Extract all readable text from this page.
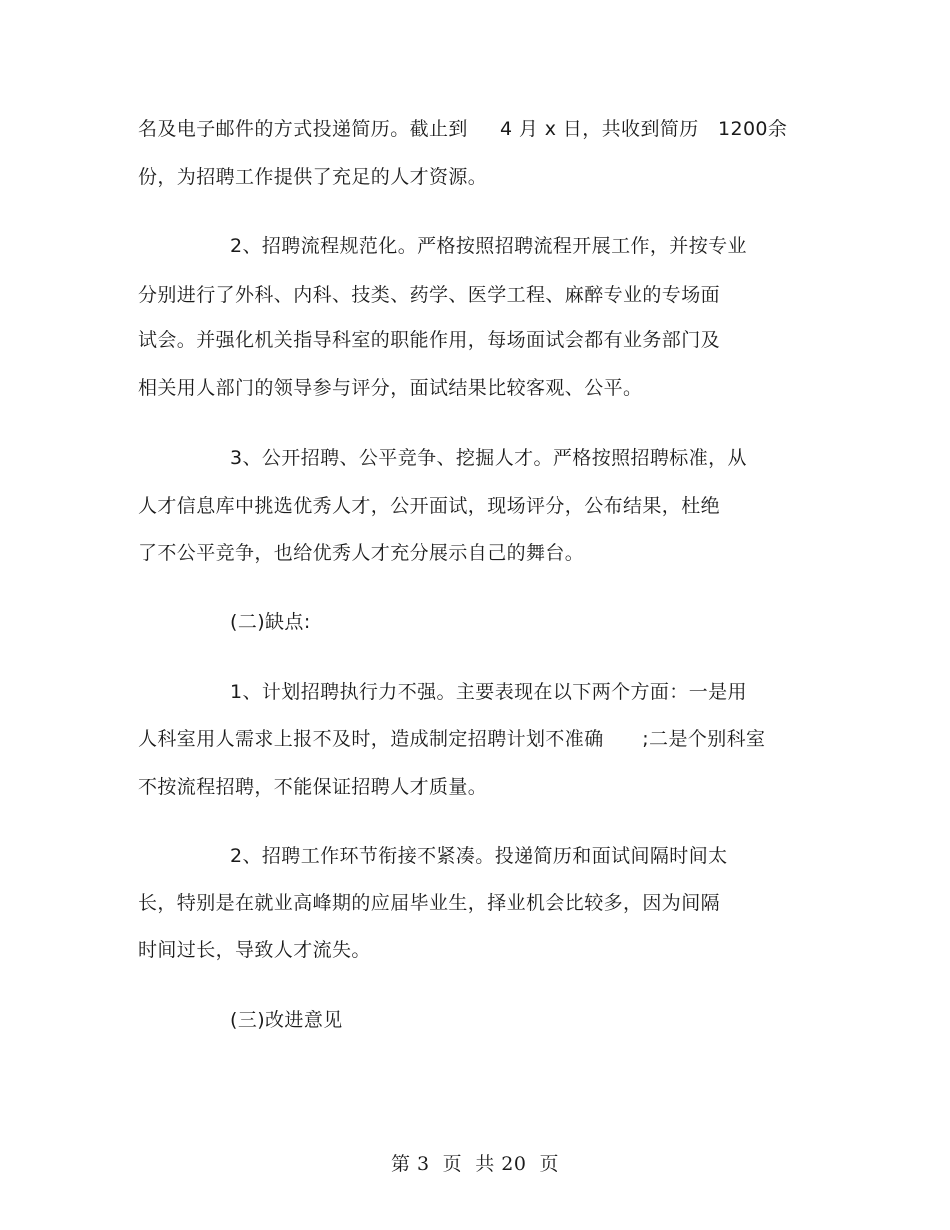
名及电子邮件的方式投递简历。截止到     4 月 x 日，共收到简历   1200余
份，为招聘工作提供了充足的人才资源。
2、招聘流程规范化。严格按照招聘流程开展工作，并按专业
分别进行了外科、内科、技类、药学、医学工程、麻醉专业的专场面
试会。并强化机关指导科室的职能作用，每场面试会都有业务部门及
相关用人部门的领导参与评分，面试结果比较客观、公平。
3、公开招聘、公平竞争、挖掘人才。严格按照招聘标准，从
人才信息库中挑选优秀人才，公开面试，现场评分，公布结果，杜绝
了不公平竞争，也给优秀人才充分展示自己的舞台。
(二)缺点:
1、计划招聘执行力不强。主要表现在以下两个方面：一是用
人科室用人需求上报不及时，造成制定招聘计划不准确      ;二是个别科室
不按流程招聘，不能保证招聘人才质量。
2、招聘工作环节衔接不紧凑。投递简历和面试间隔时间太
长，特别是在就业高峰期的应届毕业生，择业机会比较多，因为间隔
时间过长，导致人才流失。
(三)改进意见
第 3  页  共 20  页
